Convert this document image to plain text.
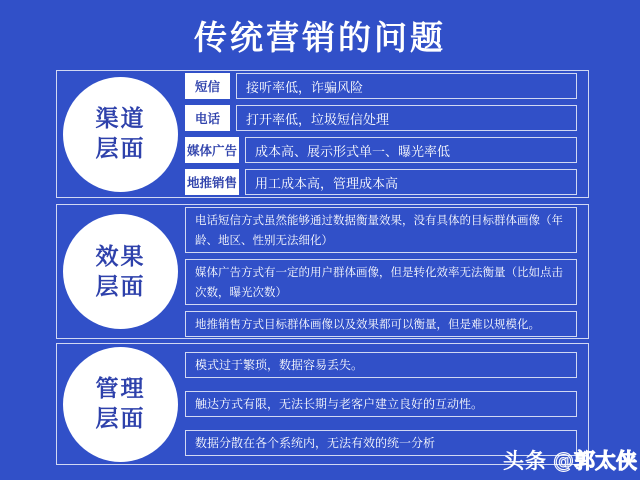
传统营销的问题
渠道
层面
短信	接听率低，诈骗风险
电话	打开率低，垃圾短信处理
媒体广告	成本高、展示形式单一、曝光率低
地推销售	用工成本高，管理成本高
效果
层面
电话短信方式虽然能够通过数据衡量效果，没有具体的目标群体画像（年龄、地区、性别无法细化）
媒体广告方式有一定的用户群体画像，但是转化效率无法衡量（比如点击次数，曝光次数）
地推销售方式目标群体画像以及效果都可以衡量，但是难以规模化。
管理
层面
模式过于繁琐，数据容易丢失。
触达方式有限，无法长期与老客户建立良好的互动性。
数据分散在各个系统内，无法有效的统一分析
头条 @郭太侠
